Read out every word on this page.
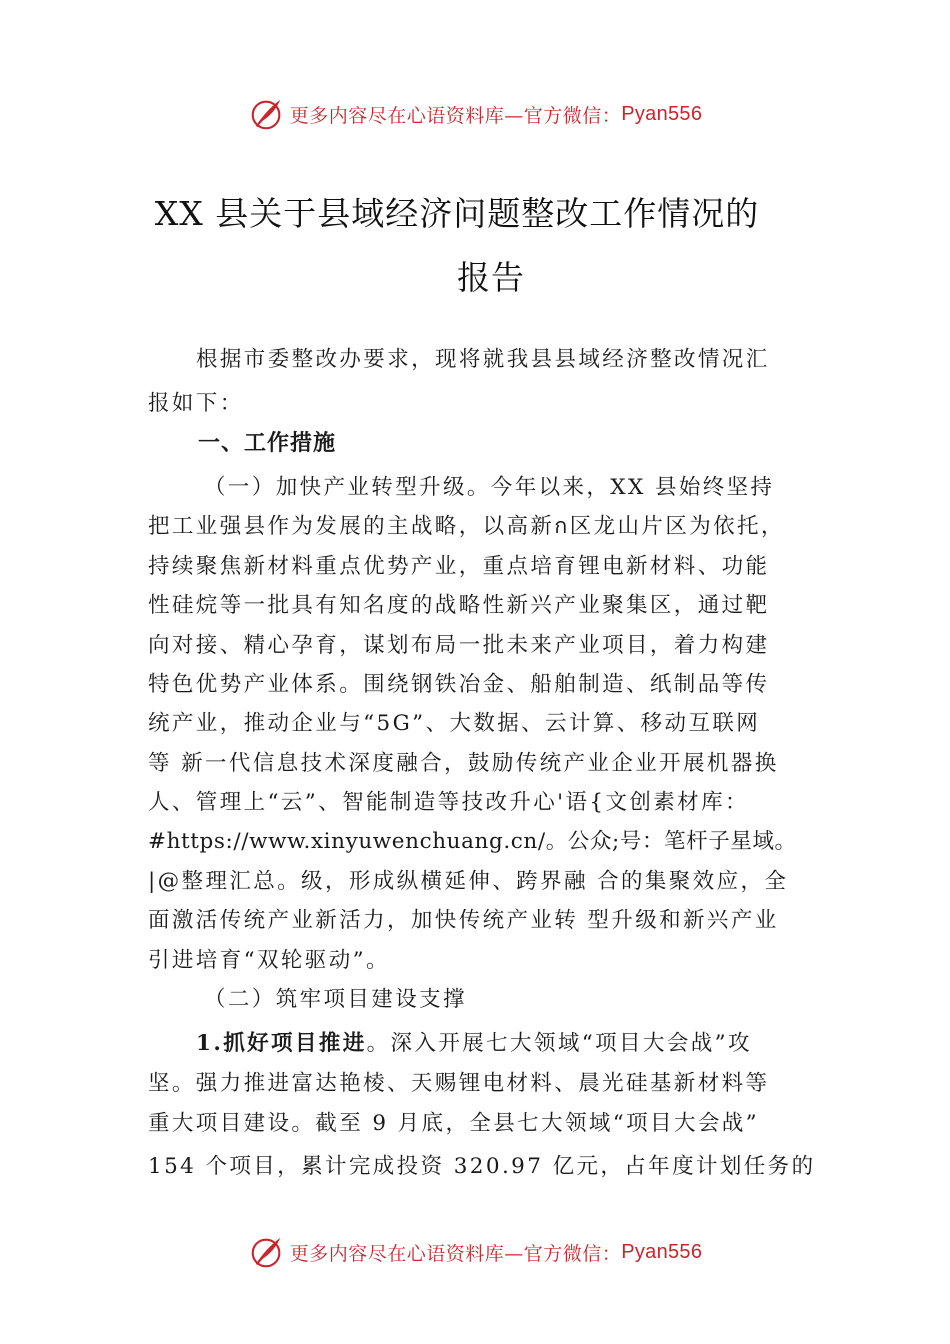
更多内容尽在心语资料库—官方微信： Pyan556
XX 县关于县域经济问题整改工作情况的
报告
根据市委整改办要求，现将就我县县域经济整改情况汇
报如下：
一、工作措施
（一）加快产业转型升级。今年以来，XX 县始终坚持
把工业强县作为发展的主战略，以高新ก区龙山片区为依托，
持续聚焦新材料重点优势产业，重点培育锂电新材料、功能
性硅烷等一批具有知名度的战略性新兴产业聚集区，通过靶
向对接、精心孕育，谋划布局一批未来产业项目，着力构建
特色优势产业体系。围绕钢铁冶金、船舶制造、纸制品等传
统产业，推动企业与“5G”、大数据、云计算、移动互联网
等 新一代信息技术深度融合，鼓励传统产业企业开展机器换
人、管理上“云”、智能制造等技改升心'语{文创素材库：
#https://www.xinyuwenchuang.cn/。公众;号：笔杆子星域。
|@整理汇总。级，形成纵横延伸、跨界融 合的集聚效应，全
面激活传统产业新活力，加快传统产业转 型升级和新兴产业
引进培育“双轮驱动”。
（二）筑牢项目建设支撑
1.抓好项目推进。深入开展七大领域“项目大会战”攻
坚。强力推进富达艳棱、天赐锂电材料、晨光硅基新材料等
重大项目建设。截至 9 月底，全县七大领域“项目大会战”
154 个项目，累计完成投资 320.97 亿元，占年度计划任务的
更多内容尽在心语资料库—官方微信： Pyan556
